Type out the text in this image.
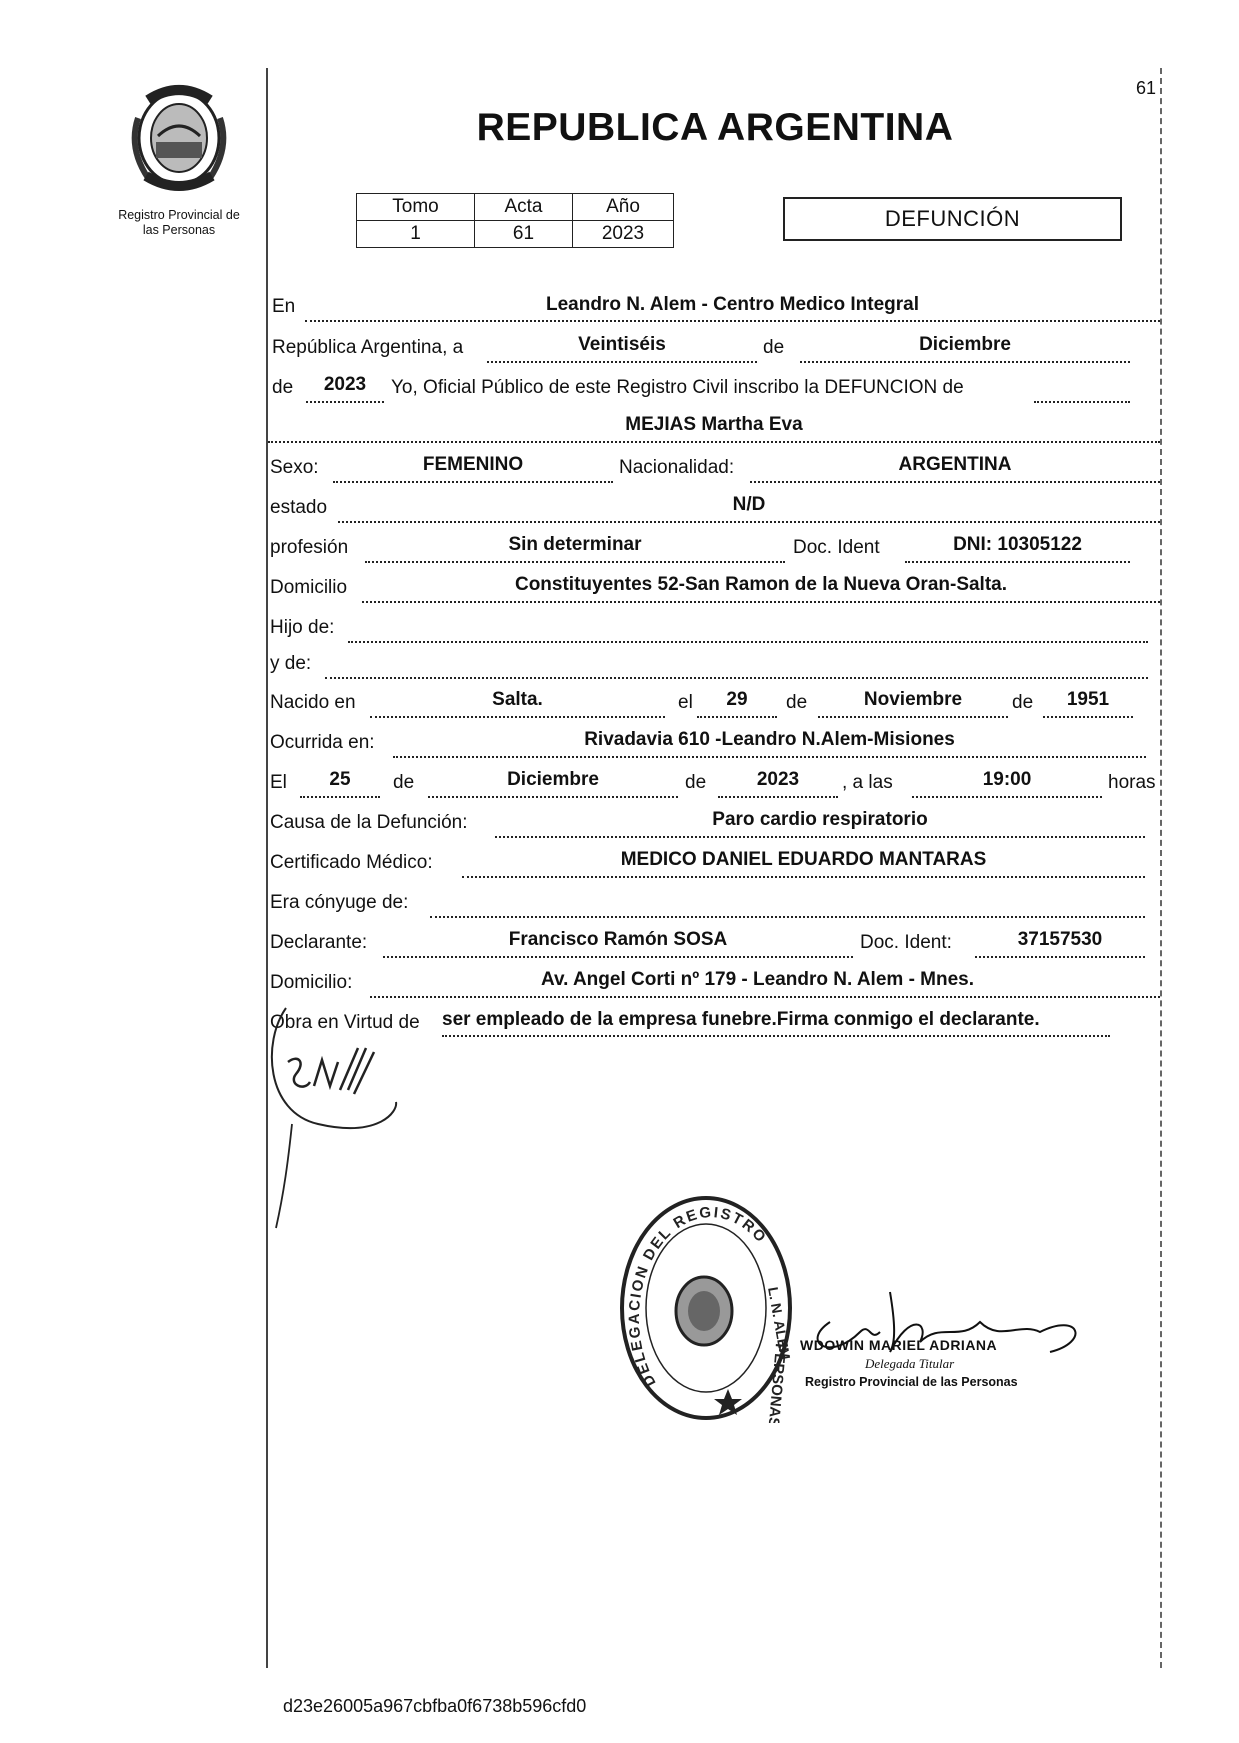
61
Registro Provincial de
las Personas
REPUBLICA ARGENTINA
Tomo	Acta	Año
1	61	2023
DEFUNCIÓN
En	Leandro N. Alem - Centro Medico Integral
República Argentina, a	Veintiséis	de	Diciembre
de	2023	Yo, Oficial Público de este Registro Civil inscribo la DEFUNCION de
MEJIAS Martha Eva
Sexo:	FEMENINO	Nacionalidad:	ARGENTINA
estado	N/D
profesión	Sin determinar	Doc. Ident	DNI: 10305122
Domicilio	Constituyentes 52-San Ramon de la Nueva Oran-Salta.
Hijo de:
y de:
Nacido en	Salta.	el	29	de	Noviembre	de	1951
Ocurrida en:	Rivadavia 610 -Leandro N.Alem-Misiones
El	25	de	Diciembre	de	2023	, a las	19:00	horas
Causa de la Defunción:	Paro cardio respiratorio
Certificado Médico:	MEDICO DANIEL EDUARDO MANTARAS
Era cónyuge de:
Declarante:	Francisco Ramón SOSA	Doc. Ident:	37157530
Domicilio:	Av. Angel Corti nº 179 - Leandro N. Alem - Mnes.
Obra en Virtud de ser empleado de la empresa funebre.Firma conmigo el declarante.
DELEGACION DEL REGISTRO
L. N. ALEM
PERSONAS WDOWIN MARIEL ADRIANA
Delegada Titular
Registro Provincial de las Personas
d23e26005a967cbfba0f6738b596cfd0
